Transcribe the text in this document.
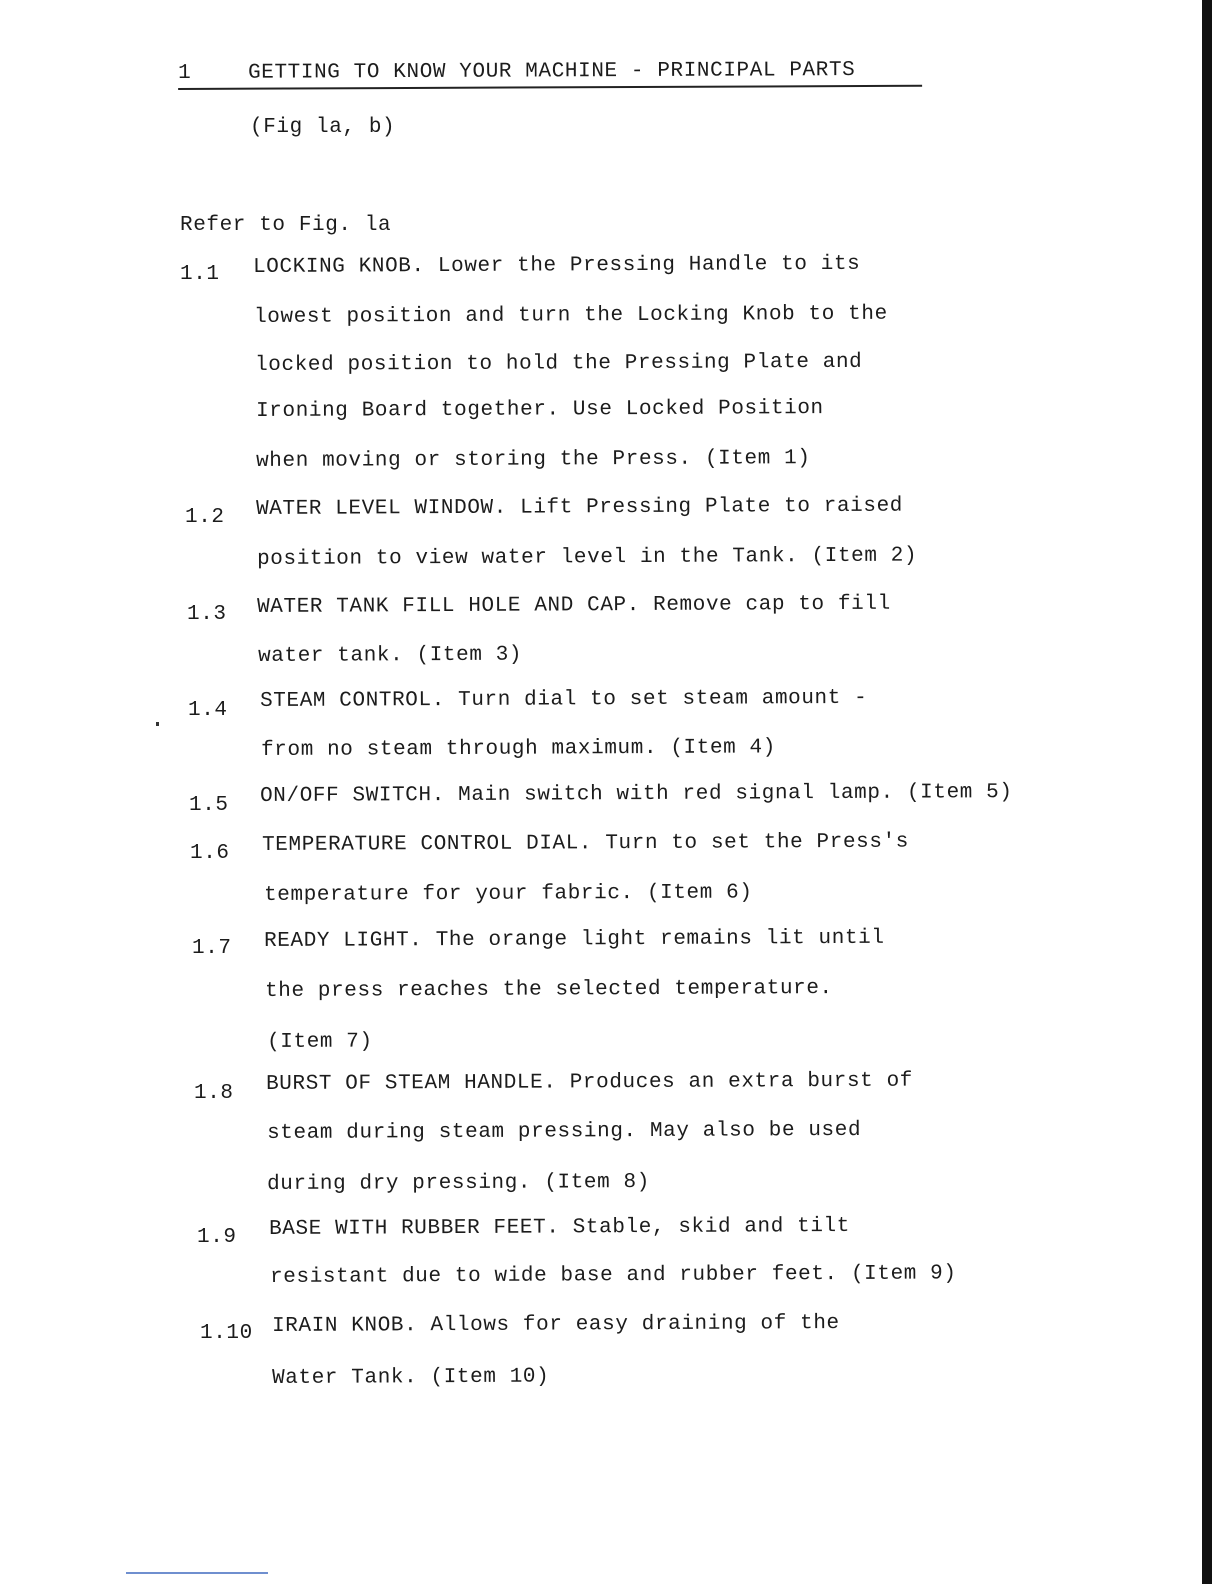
1	GETTING TO KNOW YOUR MACHINE - PRINCIPAL PARTS
(Fig la, b)
Refer to Fig. la
1.1 LOCKING KNOB. Lower the Pressing Handle to its
lowest position and turn the Locking Knob to the
locked position to hold the Pressing Plate and
Ironing Board together. Use Locked Position
when moving or storing the Press. (Item 1)
1.2 WATER LEVEL WINDOW. Lift Pressing Plate to raised
position to view water level in the Tank. (Item 2)
1.3 WATER TANK FILL HOLE AND CAP. Remove cap to fill
water tank. (Item 3)
1.4 STEAM CONTROL. Turn dial to set steam amount -
from no steam through maximum. (Item 4)
1.5 ON/OFF SWITCH. Main switch with red signal lamp. (Item 5)
1.6 TEMPERATURE CONTROL DIAL. Turn to set the Press's
temperature for your fabric. (Item 6)
1.7 READY LIGHT. The orange light remains lit until
the press reaches the selected temperature.
(Item 7)
1.8 BURST OF STEAM HANDLE. Produces an extra burst of
steam during steam pressing. May also be used
during dry pressing. (Item 8)
1.9 BASE WITH RUBBER FEET. Stable, skid and tilt
resistant due to wide base and rubber feet. (Item 9)
1.10 IRAIN KNOB. Allows for easy draining of the
Water Tank. (Item 10)
